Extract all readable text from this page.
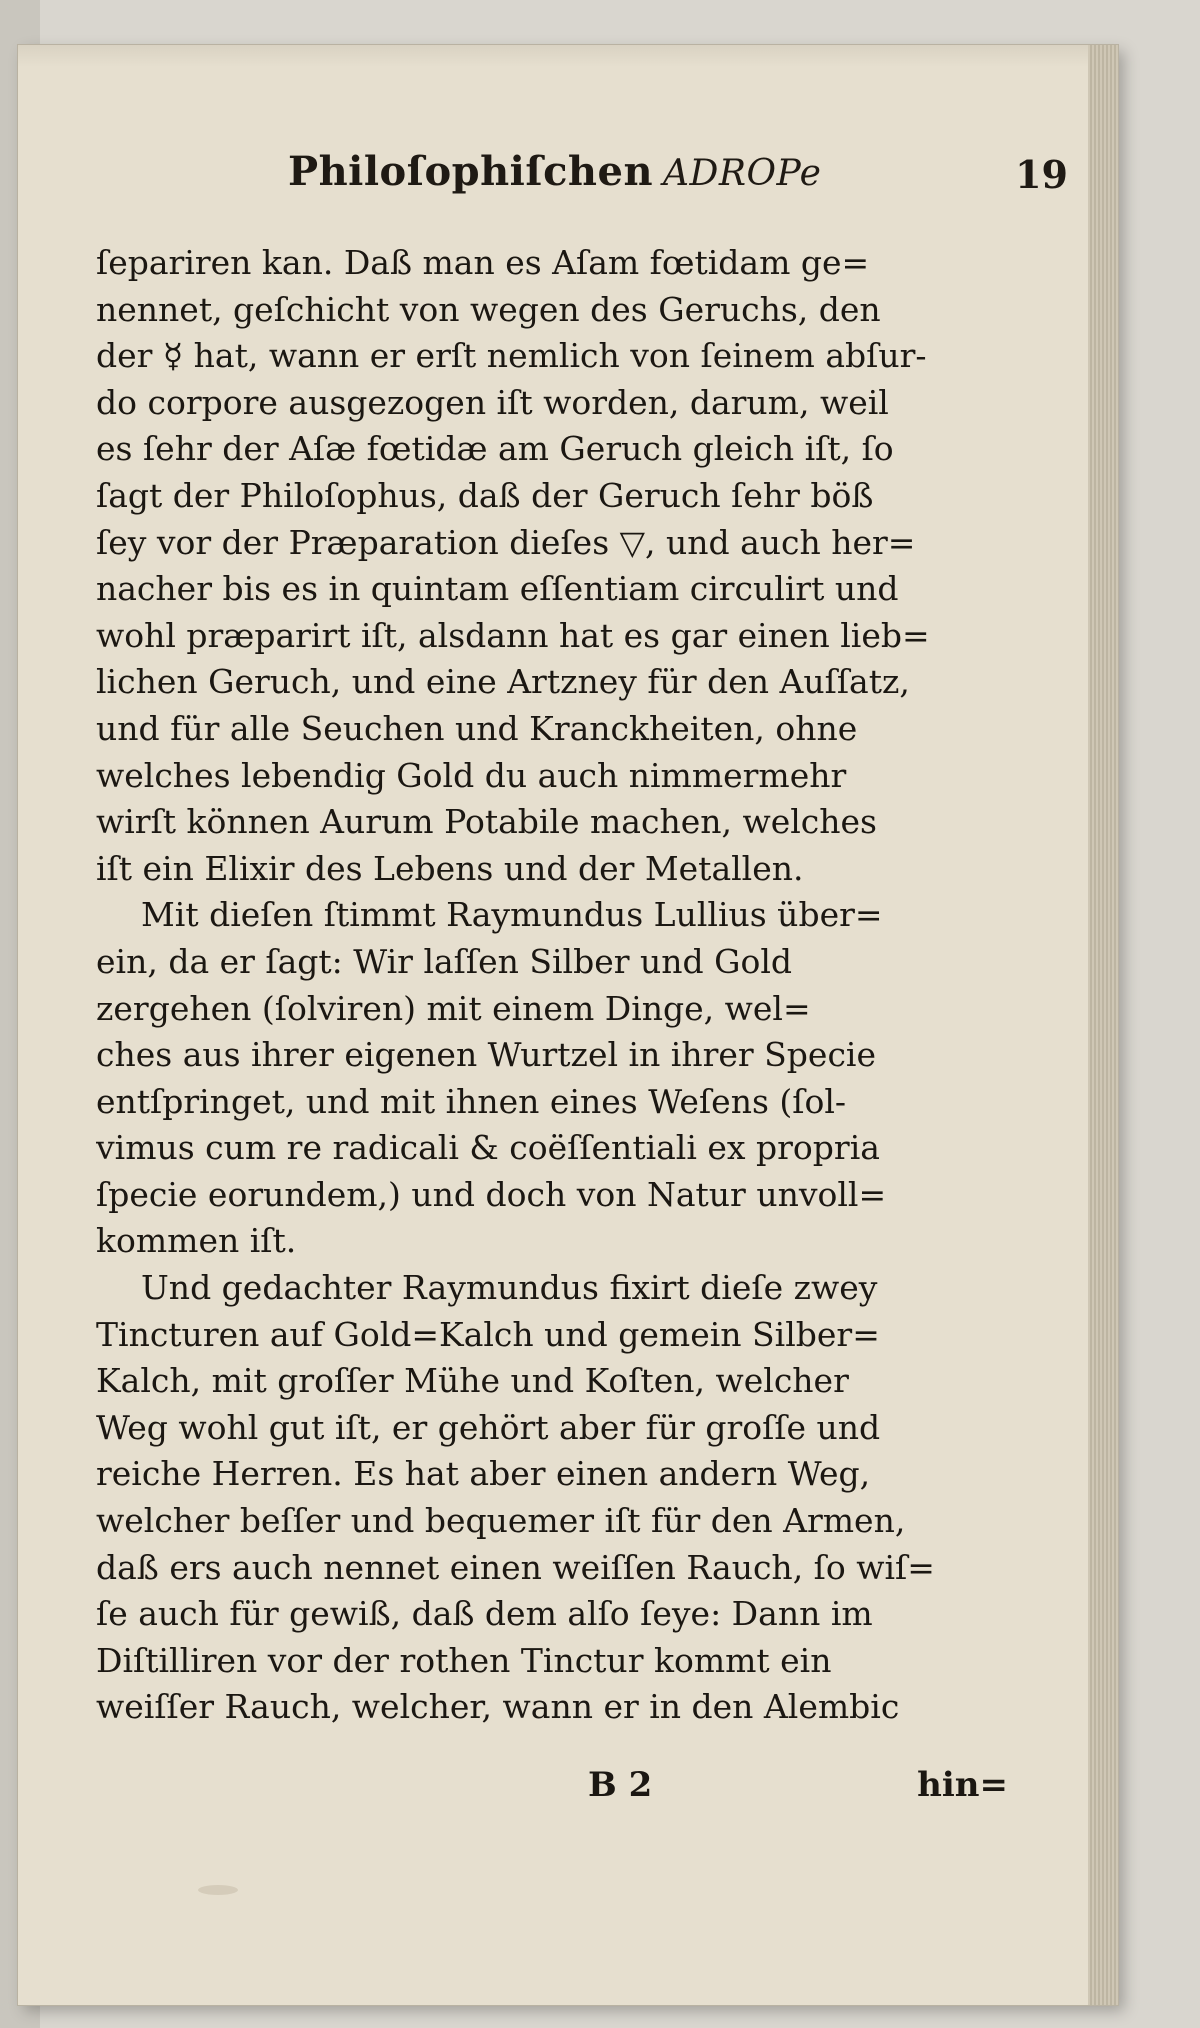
Philoſophiſchen ADROPe	19
ſepariren kan. Daß man es Aſam fœtidam ge=
nennet, geſchicht von wegen des Geruchs, den
der ☿ hat, wann er erſt nemlich von ſeinem abſur-
do corpore ausgezogen iſt worden, darum, weil
es ſehr der Aſæ fœtidæ am Geruch gleich iſt, ſo
ſagt der Philoſophus, daß der Geruch ſehr böß
ſey vor der Præparation dieſes ▽, und auch her=
nacher bis es in quintam eſſentiam circulirt und
wohl præparirt iſt, alsdann hat es gar einen lieb=
lichen Geruch, und eine Artzney für den Auſſatz,
und für alle Seuchen und Kranckheiten, ohne
welches lebendig Gold du auch nimmermehr
wirſt können Aurum Potabile machen, welches
iſt ein Elixir des Lebens und der Metallen.
Mit dieſen ſtimmt Raymundus Lullius über=
ein, da er ſagt: Wir laſſen Silber und Gold
zergehen (ſolviren) mit einem Dinge, wel=
ches aus ihrer eigenen Wurtzel in ihrer Specie
entſpringet, und mit ihnen eines Weſens (ſol-
vimus cum re radicali & coëſſentiali ex propria
ſpecie eorundem,) und doch von Natur unvoll=
kommen iſt.
Und gedachter Raymundus fixirt dieſe zwey
Tincturen auf Gold=Kalch und gemein Silber=
Kalch, mit groſſer Mühe und Koſten, welcher
Weg wohl gut iſt, er gehört aber für groſſe und
reiche Herren. Es hat aber einen andern Weg,
welcher beſſer und bequemer iſt für den Armen,
daß ers auch nennet einen weiſſen Rauch, ſo wiſ=
ſe auch für gewiß, daß dem alſo ſeye: Dann im
Diſtilliren vor der rothen Tinctur kommt ein
weiſſer Rauch, welcher, wann er in den Alembic
B 2	hin=
